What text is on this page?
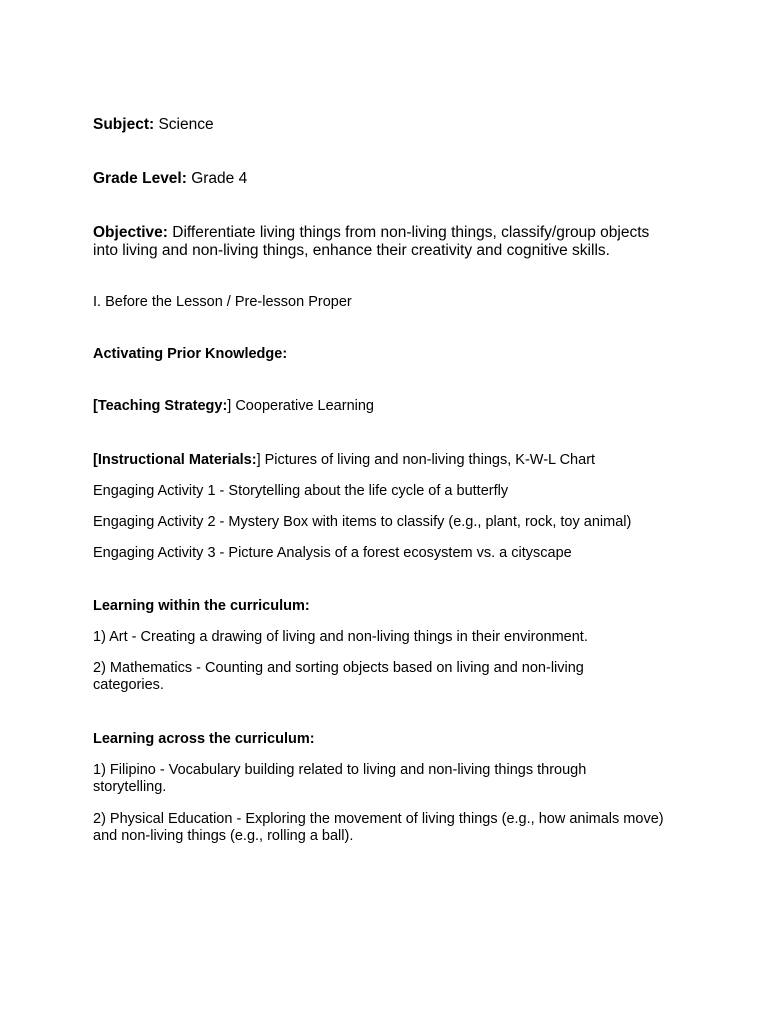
Subject: Science
Grade Level: Grade 4
Objective: Differentiate living things from non-living things, classify/group objects into living and non-living things, enhance their creativity and cognitive skills.
I. Before the Lesson / Pre-lesson Proper
Activating Prior Knowledge:
[Teaching Strategy:] Cooperative Learning
[Instructional Materials:] Pictures of living and non-living things, K-W-L Chart
Engaging Activity 1 - Storytelling about the life cycle of a butterfly
Engaging Activity 2 - Mystery Box with items to classify (e.g., plant, rock, toy animal)
Engaging Activity 3 - Picture Analysis of a forest ecosystem vs. a cityscape
Learning within the curriculum:
1) Art - Creating a drawing of living and non-living things in their environment.
2) Mathematics - Counting and sorting objects based on living and non-living categories.
Learning across the curriculum:
1) Filipino - Vocabulary building related to living and non-living things through storytelling.
2) Physical Education - Exploring the movement of living things (e.g., how animals move) and non-living things (e.g., rolling a ball).
